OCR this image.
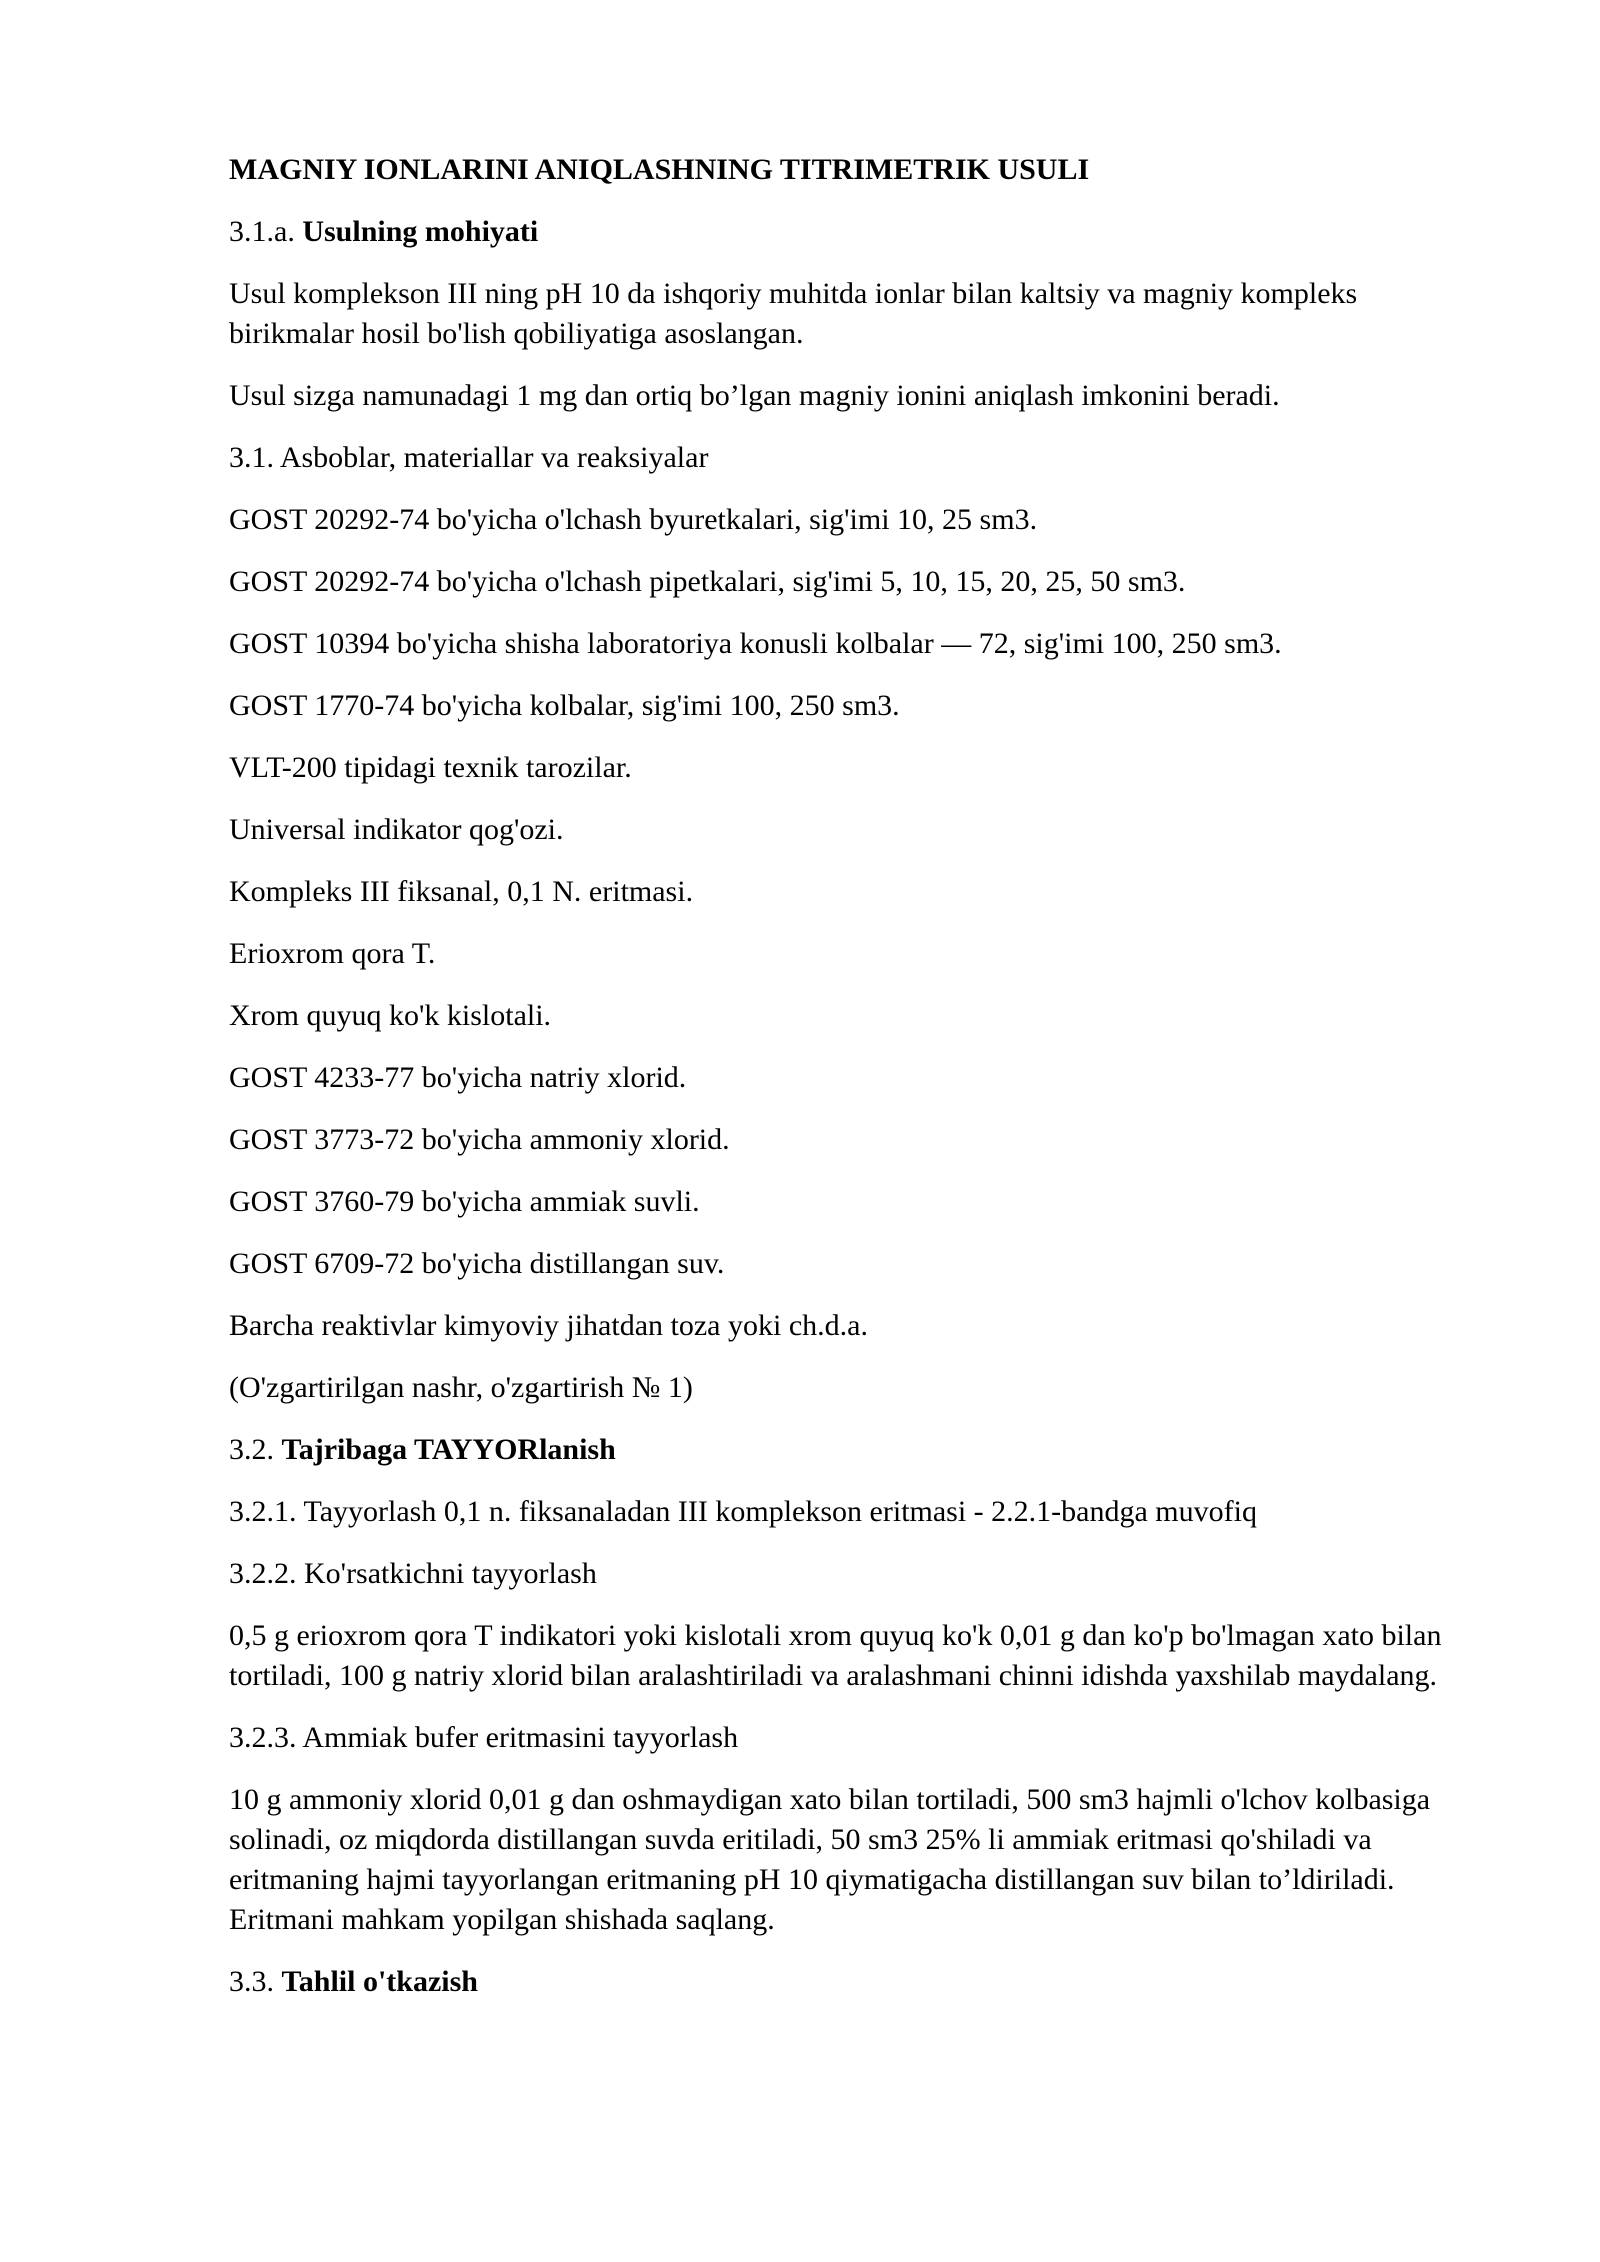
MAGNIY IONLARINI ANIQLASHNING TITRIMETRIK USULI

3.1.a. Usulning mohiyati

Usul komplekson III ning pH 10 da ishqoriy muhitda ionlar bilan kaltsiy va magniy kompleks birikmalar hosil bo'lish qobiliyatiga asoslangan.

Usul sizga namunadagi 1 mg dan ortiq bo’lgan magniy ionini aniqlash imkonini beradi.

3.1. Asboblar, materiallar va reaksiyalar

GOST 20292-74 bo'yicha o'lchash byuretkalari, sig'imi 10, 25 sm3.

GOST 20292-74 bo'yicha o'lchash pipetkalari, sig'imi 5, 10, 15, 20, 25, 50 sm3.

GOST 10394 bo'yicha shisha laboratoriya konusli kolbalar — 72, sig'imi 100, 250 sm3.

GOST 1770-74 bo'yicha kolbalar, sig'imi 100, 250 sm3.

VLT-200 tipidagi texnik tarozilar.

Universal indikator qog'ozi.

Kompleks III fiksanal, 0,1 N. eritmasi.

Erioxrom qora T.

Xrom quyuq ko'k kislotali.

GOST 4233-77 bo'yicha natriy xlorid.

GOST 3773-72 bo'yicha ammoniy xlorid.

GOST 3760-79 bo'yicha ammiak suvli.

GOST 6709-72 bo'yicha distillangan suv.

Barcha reaktivlar kimyoviy jihatdan toza yoki ch.d.a.

(O'zgartirilgan nashr, o'zgartirish № 1)

3.2. Tajribaga TAYYORlanish

3.2.1. Tayyorlash 0,1 n. fiksanaladan III komplekson eritmasi - 2.2.1-bandga muvofiq

3.2.2. Ko'rsatkichni tayyorlash

0,5 g erioxrom qora T indikatori yoki kislotali xrom quyuq ko'k 0,01 g dan ko'p bo'lmagan xato bilan tortiladi, 100 g natriy xlorid bilan aralashtiriladi va aralashmani chinni idishda yaxshilab maydalang.

3.2.3. Ammiak bufer eritmasini tayyorlash

10 g ammoniy xlorid 0,01 g dan oshmaydigan xato bilan tortiladi, 500 sm3 hajmli o'lchov kolbasiga solinadi, oz miqdorda distillangan suvda eritiladi, 50 sm3 25% li ammiak eritmasi qo'shiladi va eritmaning hajmi tayyorlangan eritmaning pH 10 qiymatigacha distillangan suv bilan to’ldiriladi. Eritmani mahkam yopilgan shishada saqlang.

3.3. Tahlil o'tkazish
